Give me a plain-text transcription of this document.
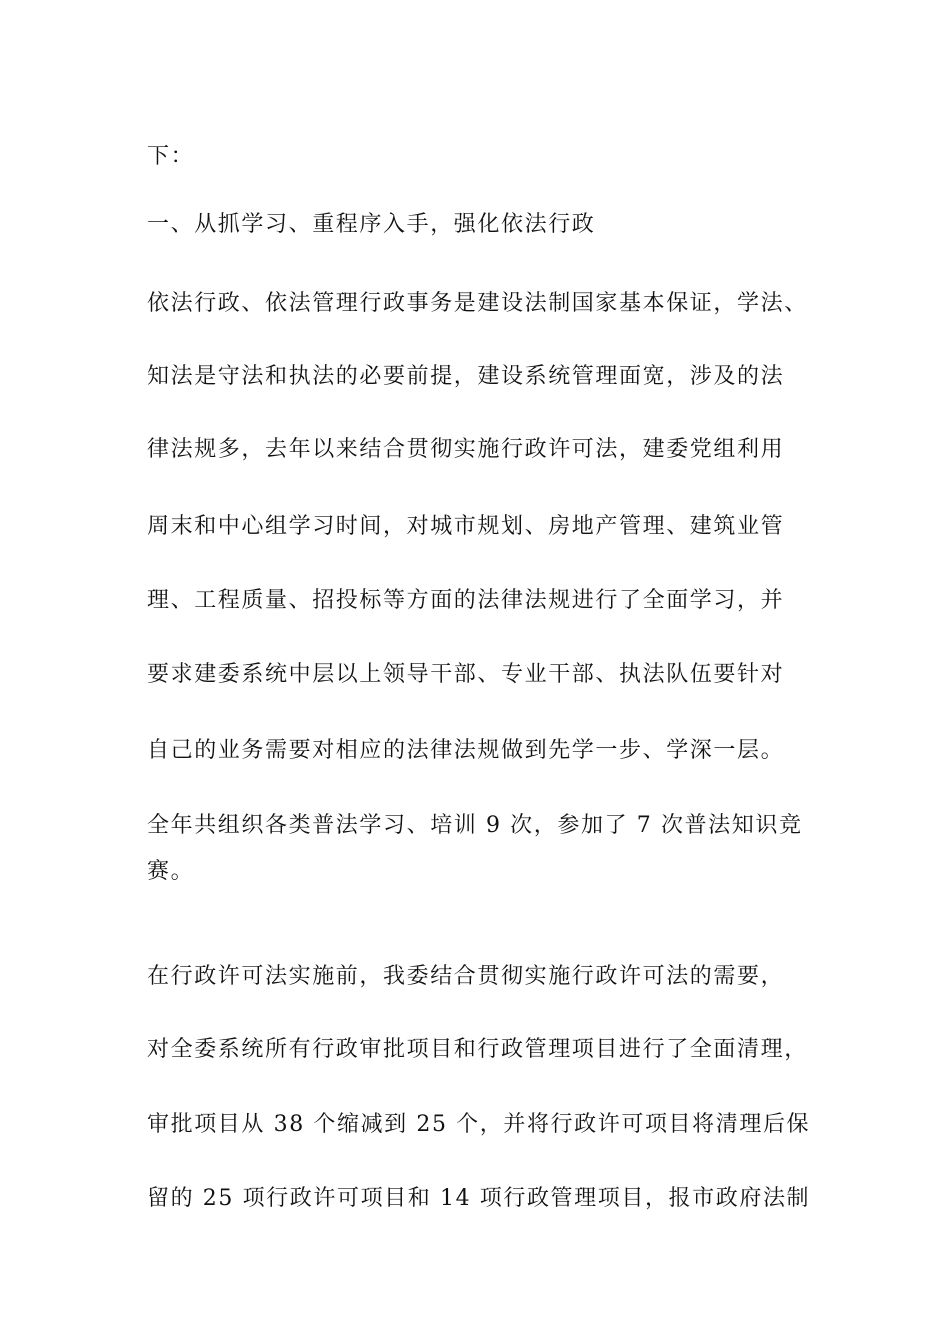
下：
一、从抓学习、重程序入手，强化依法行政
依法行政、依法管理行政事务是建设法制国家基本保证，学法、
知法是守法和执法的必要前提，建设系统管理面宽，涉及的法
律法规多，去年以来结合贯彻实施行政许可法，建委党组利用
周末和中心组学习时间，对城市规划、房地产管理、建筑业管
理、工程质量、招投标等方面的法律法规进行了全面学习，并
要求建委系统中层以上领导干部、专业干部、执法队伍要针对
自己的业务需要对相应的法律法规做到先学一步、学深一层。
全年共组织各类普法学习、培训 9 次，参加了 7 次普法知识竞
赛。
在行政许可法实施前，我委结合贯彻实施行政许可法的需要，
对全委系统所有行政审批项目和行政管理项目进行了全面清理，
审批项目从 38 个缩减到 25 个，并将行政许可项目将清理后保
留的 25 项行政许可项目和 14 项行政管理项目，报市政府法制
